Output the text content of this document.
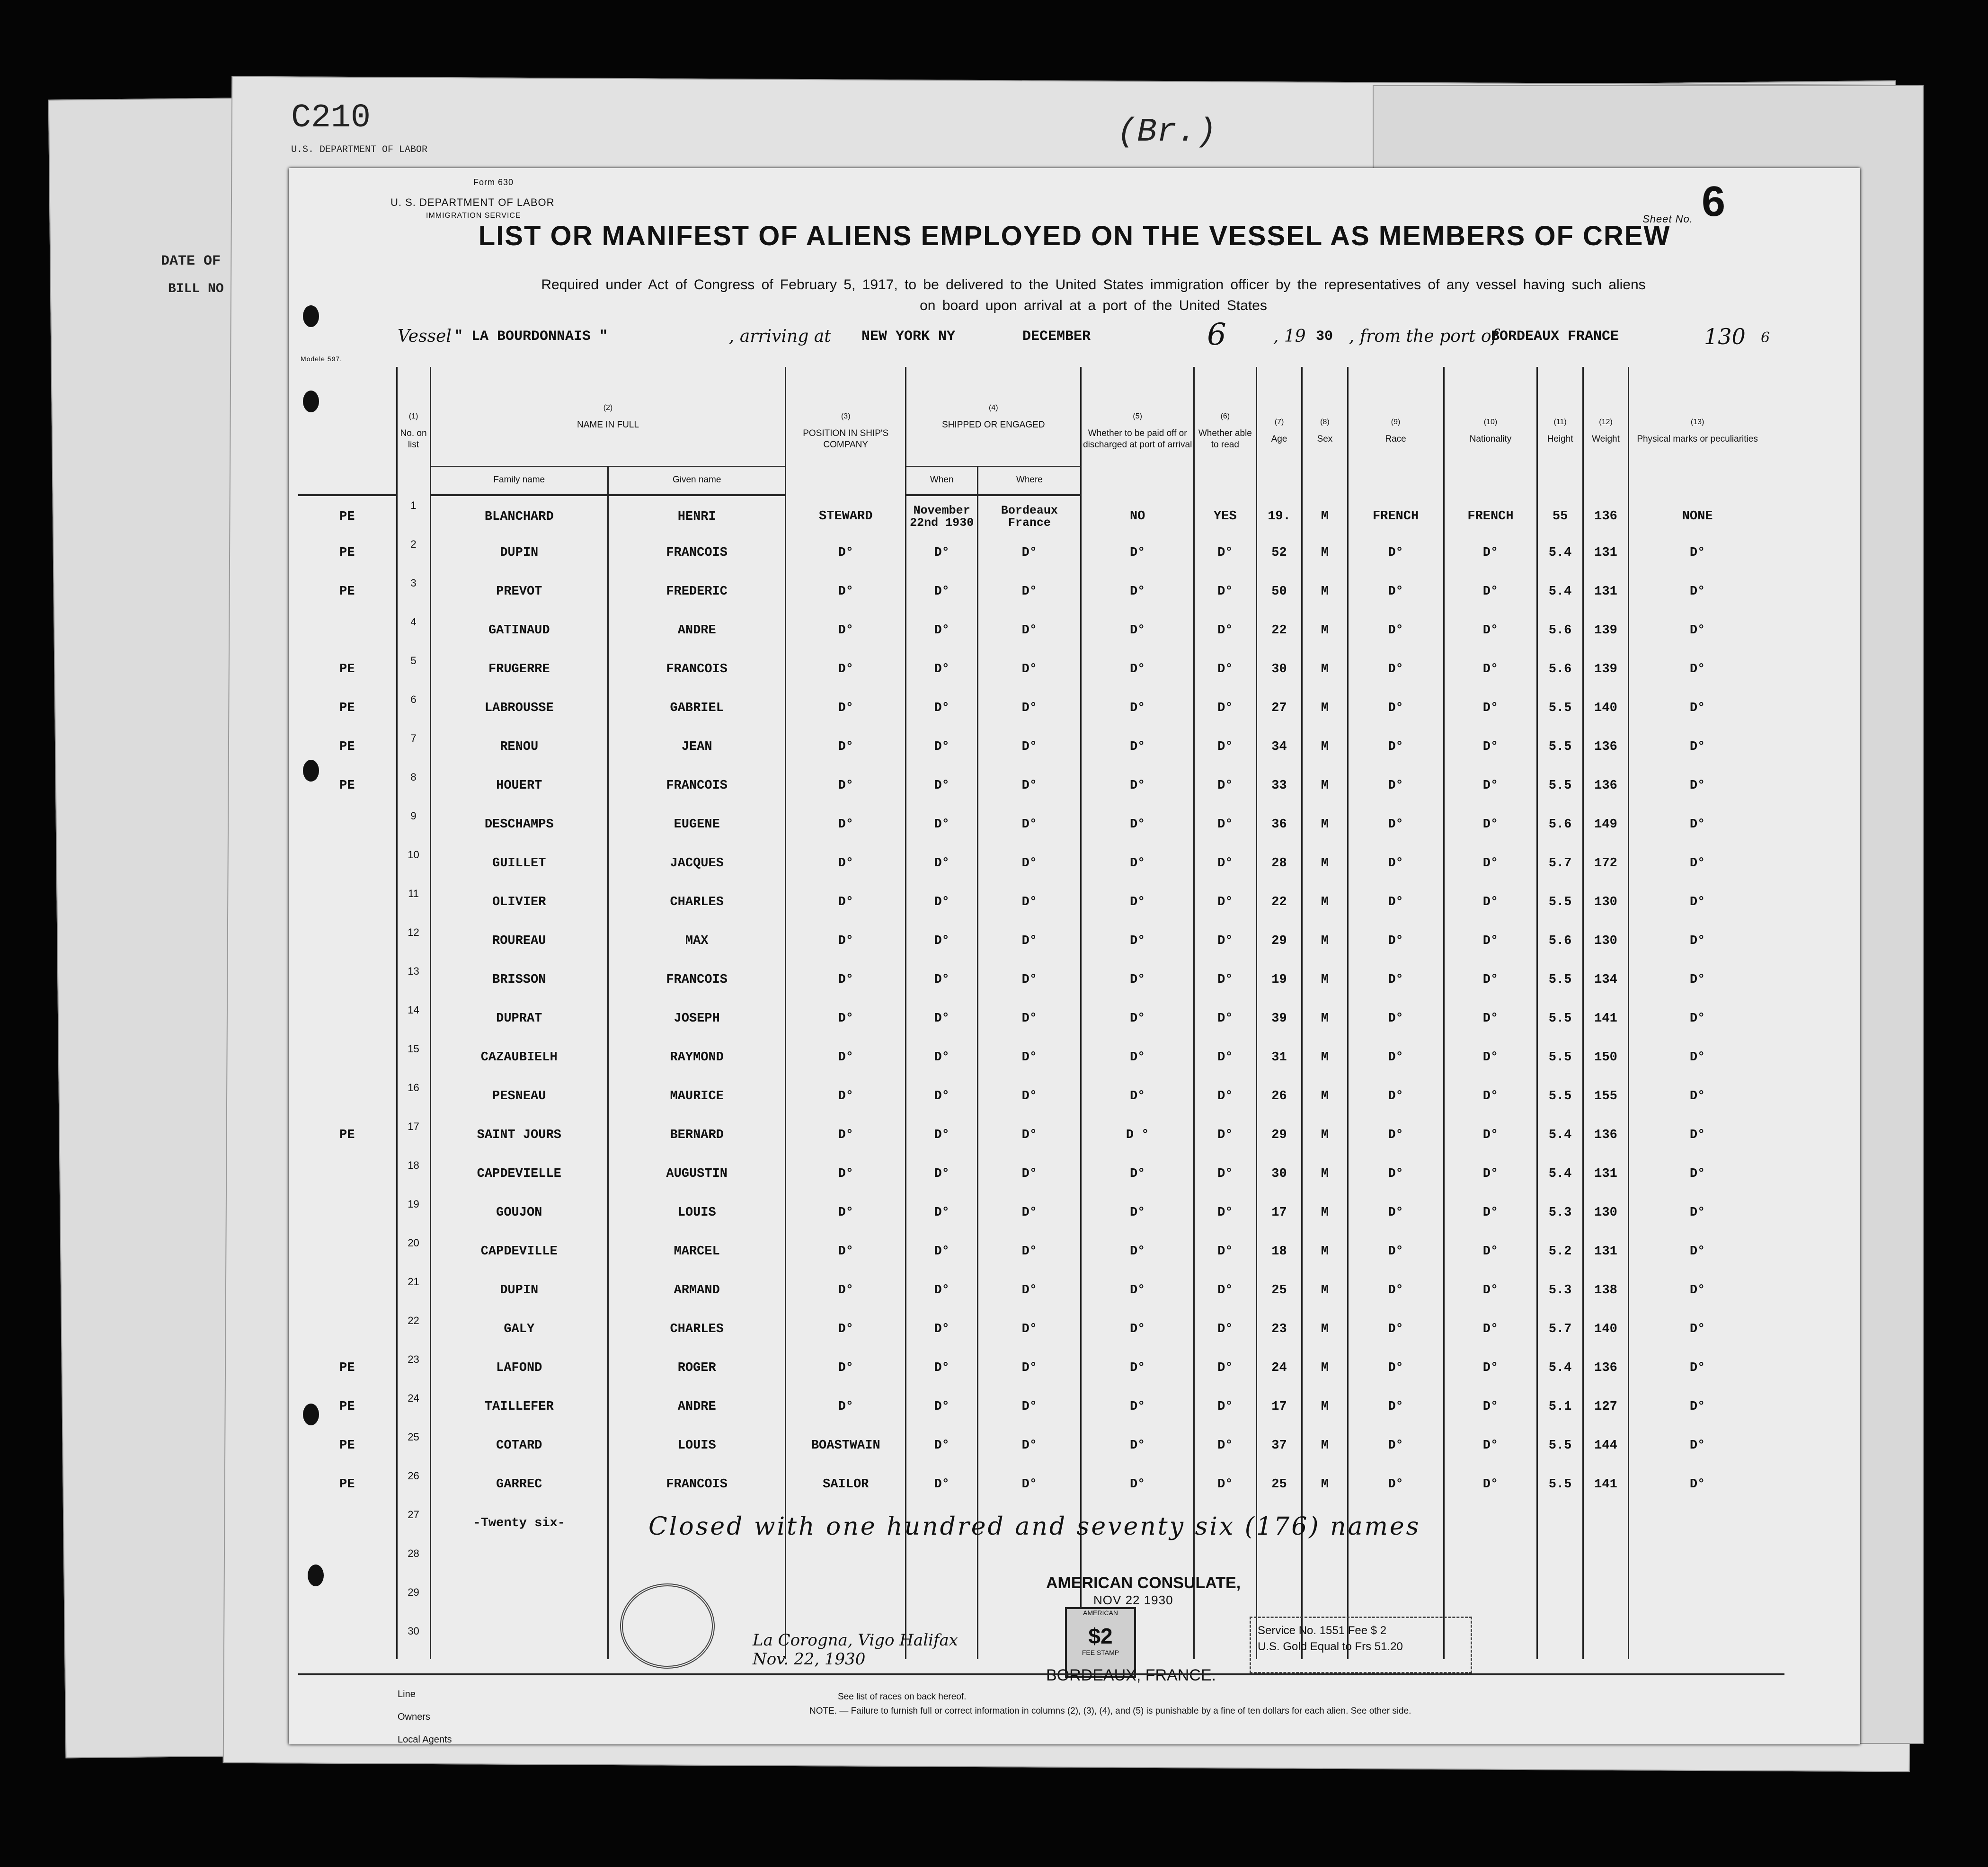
C210
U.S. DEPARTMENT OF LABOR	(Br.)
DATE OF
BILL NO
Form 630
U. S. DEPARTMENT OF LABOR
IMMIGRATION SERVICE	Sheet No. 6
LIST OR MANIFEST OF ALIENS EMPLOYED ON THE VESSEL AS MEMBERS OF CREW
Required under Act of Congress of February 5, 1917, to be delivered to the United States immigration officer by the representatives of any vessel having such aliens
on board upon arrival at a port of the United States
Modele 597.
Vessel " LA BOURDONNAIS "	, arriving at NEW YORK NY	DECEMBER	6	, 19 30 , from the port of
BORDEAUX FRANCE	130 6

	(1)
No. on list	(2)
NAME IN FULL		(3)
POSITION IN SHIP'S COMPANY	(4)
SHIPPED OR ENGAGED		(5)
Whether to be paid off or discharged at port of arrival	(6)
Whether able to read	(7)
Age	(8)
Sex	(9)
Race	(10)
Nationality	(11)
Height	(12)
Weight	(13)
Physical marks or peculiarities
		Family name	Given name		When	Where									
PE	1	BLANCHARD	HENRI	STEWARD	November 22nd 1930	Bordeaux France	NO	YES	19.	M	FRENCH	FRENCH	55	136	NONE
PE	2	DUPIN	FRANCOIS	D°	D°	D°	D°	D°	52	M	D°	D°	5.4	131	D°
PE	3	PREVOT	FREDERIC	D°	D°	D°	D°	D°	50	M	D°	D°	5.4	131	D°
	4	GATINAUD	ANDRE	D°	D°	D°	D°	D°	22	M	D°	D°	5.6	139	D°
PE	5	FRUGERRE	FRANCOIS	D°	D°	D°	D°	D°	30	M	D°	D°	5.6	139	D°
PE	6	LABROUSSE	GABRIEL	D°	D°	D°	D°	D°	27	M	D°	D°	5.5	140	D°
PE	7	RENOU	JEAN	D°	D°	D°	D°	D°	34	M	D°	D°	5.5	136	D°
PE	8	HOUERT	FRANCOIS	D°	D°	D°	D°	D°	33	M	D°	D°	5.5	136	D°
	9	DESCHAMPS	EUGENE	D°	D°	D°	D°	D°	36	M	D°	D°	5.6	149	D°
	10	GUILLET	JACQUES	D°	D°	D°	D°	D°	28	M	D°	D°	5.7	172	D°
	11	OLIVIER	CHARLES	D°	D°	D°	D°	D°	22	M	D°	D°	5.5	130	D°
	12	ROUREAU	MAX	D°	D°	D°	D°	D°	29	M	D°	D°	5.6	130	D°
	13	BRISSON	FRANCOIS	D°	D°	D°	D°	D°	19	M	D°	D°	5.5	134	D°
	14	DUPRAT	JOSEPH	D°	D°	D°	D°	D°	39	M	D°	D°	5.5	141	D°
	15	CAZAUBIELH	RAYMOND	D°	D°	D°	D°	D°	31	M	D°	D°	5.5	150	D°
	16	PESNEAU	MAURICE	D°	D°	D°	D°	D°	26	M	D°	D°	5.5	155	D°
PE	17	SAINT JOURS	BERNARD	D°	D°	D°	D °	D°	29	M	D°	D°	5.4	136	D°
	18	CAPDEVIELLE	AUGUSTIN	D°	D°	D°	D°	D°	30	M	D°	D°	5.4	131	D°
	19	GOUJON	LOUIS	D°	D°	D°	D°	D°	17	M	D°	D°	5.3	130	D°
	20	CAPDEVILLE	MARCEL	D°	D°	D°	D°	D°	18	M	D°	D°	5.2	131	D°
	21	DUPIN	ARMAND	D°	D°	D°	D°	D°	25	M	D°	D°	5.3	138	D°
	22	GALY	CHARLES	D°	D°	D°	D°	D°	23	M	D°	D°	5.7	140	D°
PE	23	LAFOND	ROGER	D°	D°	D°	D°	D°	24	M	D°	D°	5.4	136	D°
PE	24	TAILLEFER	ANDRE	D°	D°	D°	D°	D°	17	M	D°	D°	5.1	127	D°
PE	25	COTARD	LOUIS	BOASTWAIN	D°	D°	D°	D°	37	M	D°	D°	5.5	144	D°
PE	26	GARREC	FRANCOIS	SAILOR	D°	D°	D°	D°	25	M	D°	D°	5.5	141	D°
	27	-Twenty six-													
	28														
	29														
	30														
Closed with one hundred and seventy six (176) names
AMERICAN CONSULATE,
La Corogna, Vigo Halifax
Nov. 22, 1930
AMERICAN
$2
FEE STAMP
NOV 22 1930
Service No. 1551 Fee $ 2
U.S. Gold Equal to Frs 51.20
BORDEAUX, FRANCE.
Line
Owners
Local Agents
See list of races on back hereof.
NOTE. — Failure to furnish full or correct information in columns (2), (3), (4), and (5) is punishable by a fine of ten dollars for each alien. See other side.
